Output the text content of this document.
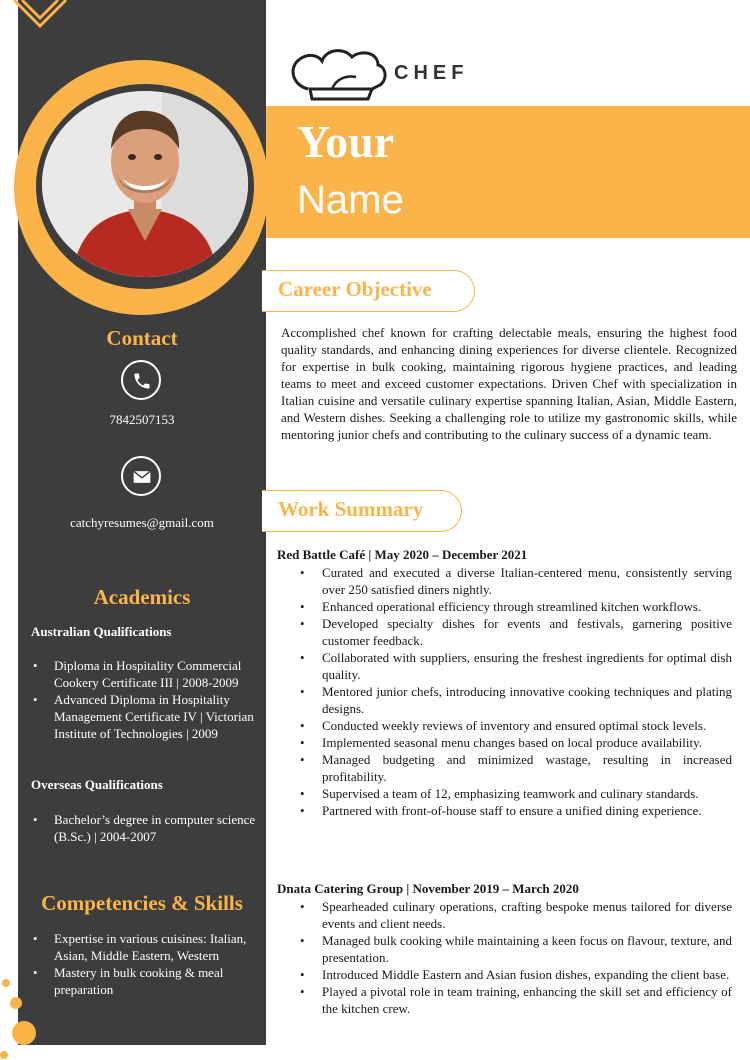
Contact
7842507153
catchyresumes@gmail.com
Academics
Australian Qualifications
• Diploma in Hospitality Commercial Cookery Certificate III | 2008-2009
• Advanced Diploma in Hospitality Management Certificate IV | Victorian Institute of Technologies | 2009
Overseas Qualifications
• Bachelor’s degree in computer science (B.Sc.) | 2004-2007
Competencies & Skills
• Expertise in various cuisines: Italian, Asian, Middle Eastern, Western
• Mastery in bulk cooking & meal preparation
CHEF
Your
Name
Career Objective
Accomplished chef known for crafting delectable meals, ensuring the highest food quality standards, and enhancing dining experiences for diverse clientele. Recognized for expertise in bulk cooking, maintaining rigorous hygiene practices, and leading teams to meet and exceed customer expectations. Driven Chef with specialization in Italian cuisine and versatile culinary expertise spanning Italian, Asian, Middle Eastern, and Western dishes. Seeking a challenging role to utilize my gastronomic skills, while mentoring junior chefs and contributing to the culinary success of a dynamic team.
Work Summary
Red Battle Café | May 2020 – December 2021
• Curated and executed a diverse Italian-centered menu, consistently serving over 250 satisfied diners nightly.
• Enhanced operational efficiency through streamlined kitchen workflows.
• Developed specialty dishes for events and festivals, garnering positive customer feedback.
• Collaborated with suppliers, ensuring the freshest ingredients for optimal dish quality.
• Mentored junior chefs, introducing innovative cooking techniques and plating designs.
• Conducted weekly reviews of inventory and ensured optimal stock levels.
• Implemented seasonal menu changes based on local produce availability.
• Managed budgeting and minimized wastage, resulting in increased profitability.
• Supervised a team of 12, emphasizing teamwork and culinary standards.
• Partnered with front-of-house staff to ensure a unified dining experience.
Dnata Catering Group | November 2019 – March 2020
• Spearheaded culinary operations, crafting bespoke menus tailored for diverse events and client needs.
• Managed bulk cooking while maintaining a keen focus on flavour, texture, and presentation.
• Introduced Middle Eastern and Asian fusion dishes, expanding the client base.
• Played a pivotal role in team training, enhancing the skill set and efficiency of the kitchen crew.
